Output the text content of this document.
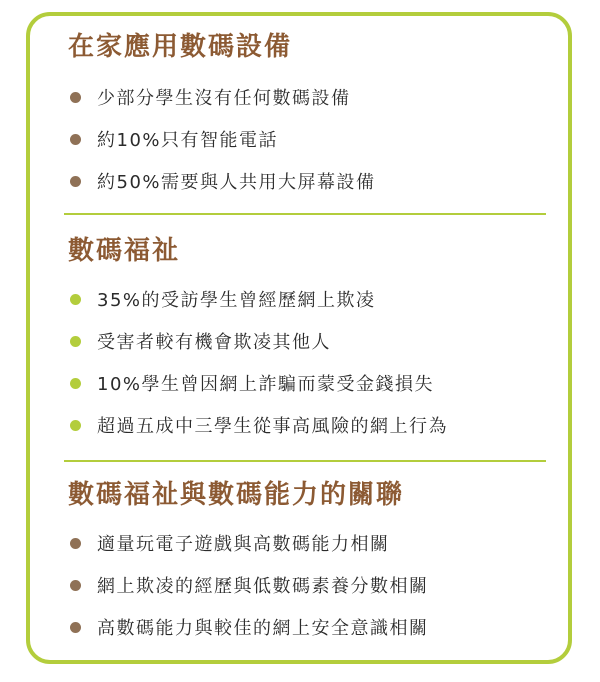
在家應用數碼設備
少部分學生沒有任何數碼設備
約10%只有智能電話
約50%需要與人共用大屏幕設備
數碼福祉
35%的受訪學生曾經歷網上欺凌
受害者較有機會欺凌其他人
10%學生曾因網上詐騙而蒙受金錢損失
超過五成中三學生從事高風險的網上行為
數碼福祉與數碼能力的關聯
適量玩電子遊戲與高數碼能力相關
網上欺凌的經歷與低數碼素養分數相關
高數碼能力與較佳的網上安全意識相關
